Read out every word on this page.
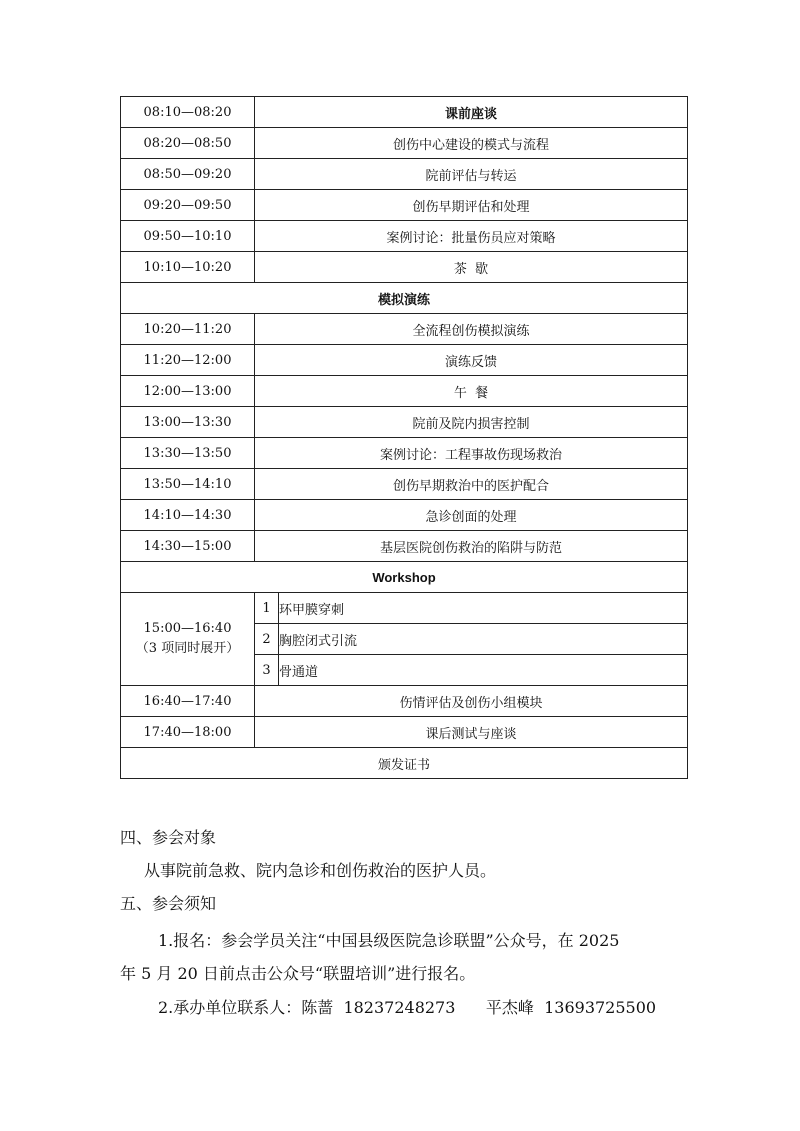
08:10—08:20	课前座谈	
08:20—08:50	创伤中心建设的模式与流程	
08:50—09:20	院前评估与转运	
09:20—09:50	创伤早期评估和处理	
09:50—10:10	案例讨论：批量伤员应对策略	
10:10—10:20	茶  歇	
模拟演练		
10:20—11:20	全流程创伤模拟演练	
11:20—12:00	演练反馈	
12:00—13:00	午  餐	
13:00—13:30	院前及院内损害控制	
13:30—13:50	案例讨论：工程事故伤现场救治	
13:50—14:10	创伤早期救治中的医护配合	
14:10—14:30	急诊创面的处理	
14:30—15:00	基层医院创伤救治的陷阱与防范	
Workshop		

15:00—16:40
（3 项同时展开）	1	环甲膜穿刺
	2	胸腔闭式引流
	3	骨通道
16:40—17:40	伤情评估及创伤小组模块	
17:40—18:00	课后测试与座谈	
颁发证书		
四、参会对象
从事院前急救、院内急诊和创伤救治的医护人员。
五、参会须知
1.报名：参会学员关注“中国县级医院急诊联盟”公众号，在 2025
年 5 月 20 日前点击公众号“联盟培训”进行报名。
2.承办单位联系人：陈蔷  18237248273      平杰峰  13693725500
